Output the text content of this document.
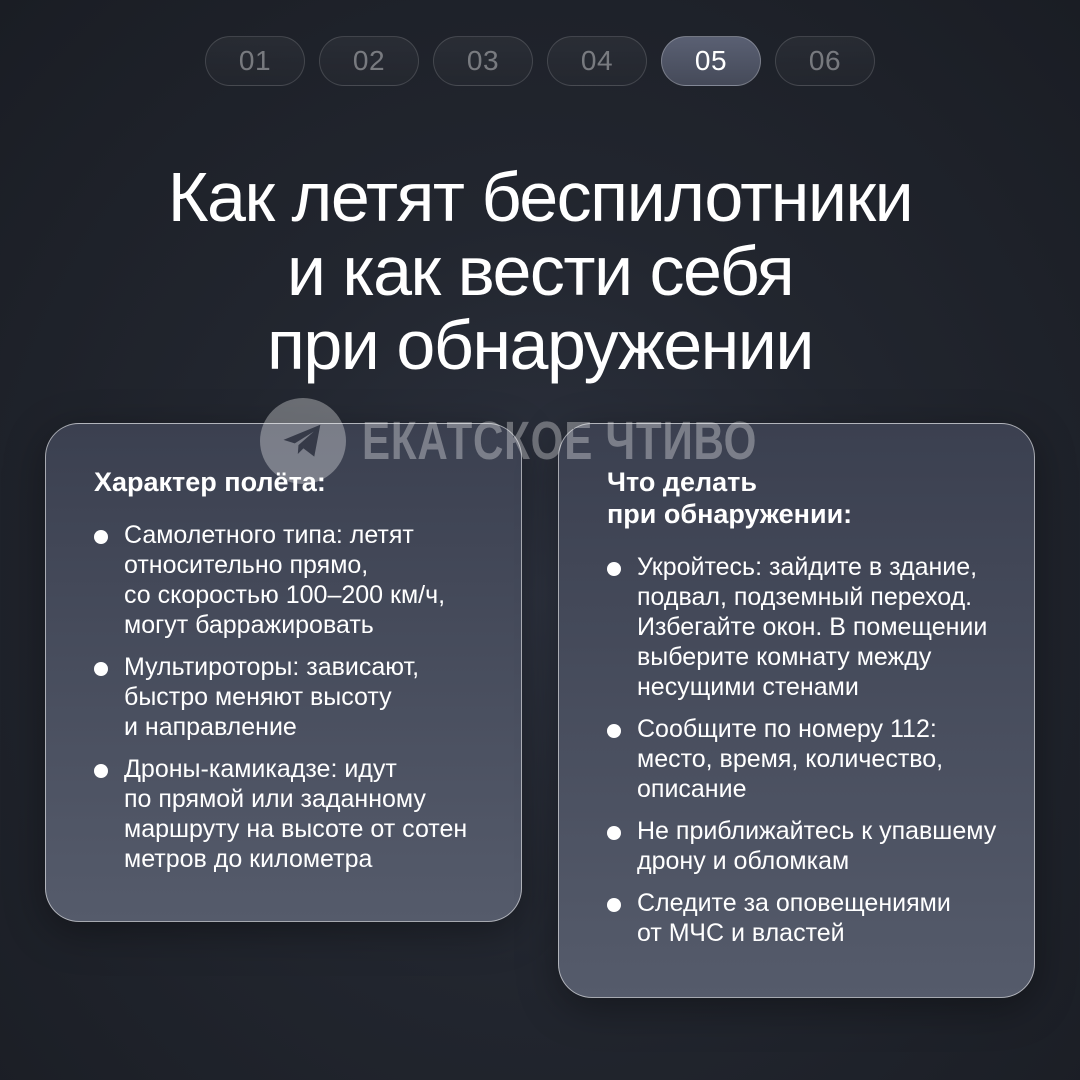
01	02	03	04	05	06
Как летят беспилотники
и как вести себя
при обнаружении
Характер полёта:
Самолетного типа: летят
относительно прямо,
со скоростью 100–200 км/ч,
могут барражировать
Мультироторы: зависают,
быстро меняют высоту
и направление
Дроны-камикадзе: идут
по прямой или заданному
маршруту на высоте от сотен
метров до километра
Что делать
при обнаружении:
Укройтесь: зайдите в здание,
подвал, подземный переход.
Избегайте окон. В помещении
выберите комнату между
несущими стенами
Сообщите по номеру 112:
место, время, количество,
описание
Не приближайтесь к упавшему
дрону и обломкам
Следите за оповещениями
от МЧС и властей
ЕКАТСКОЕ ЧТИВО
